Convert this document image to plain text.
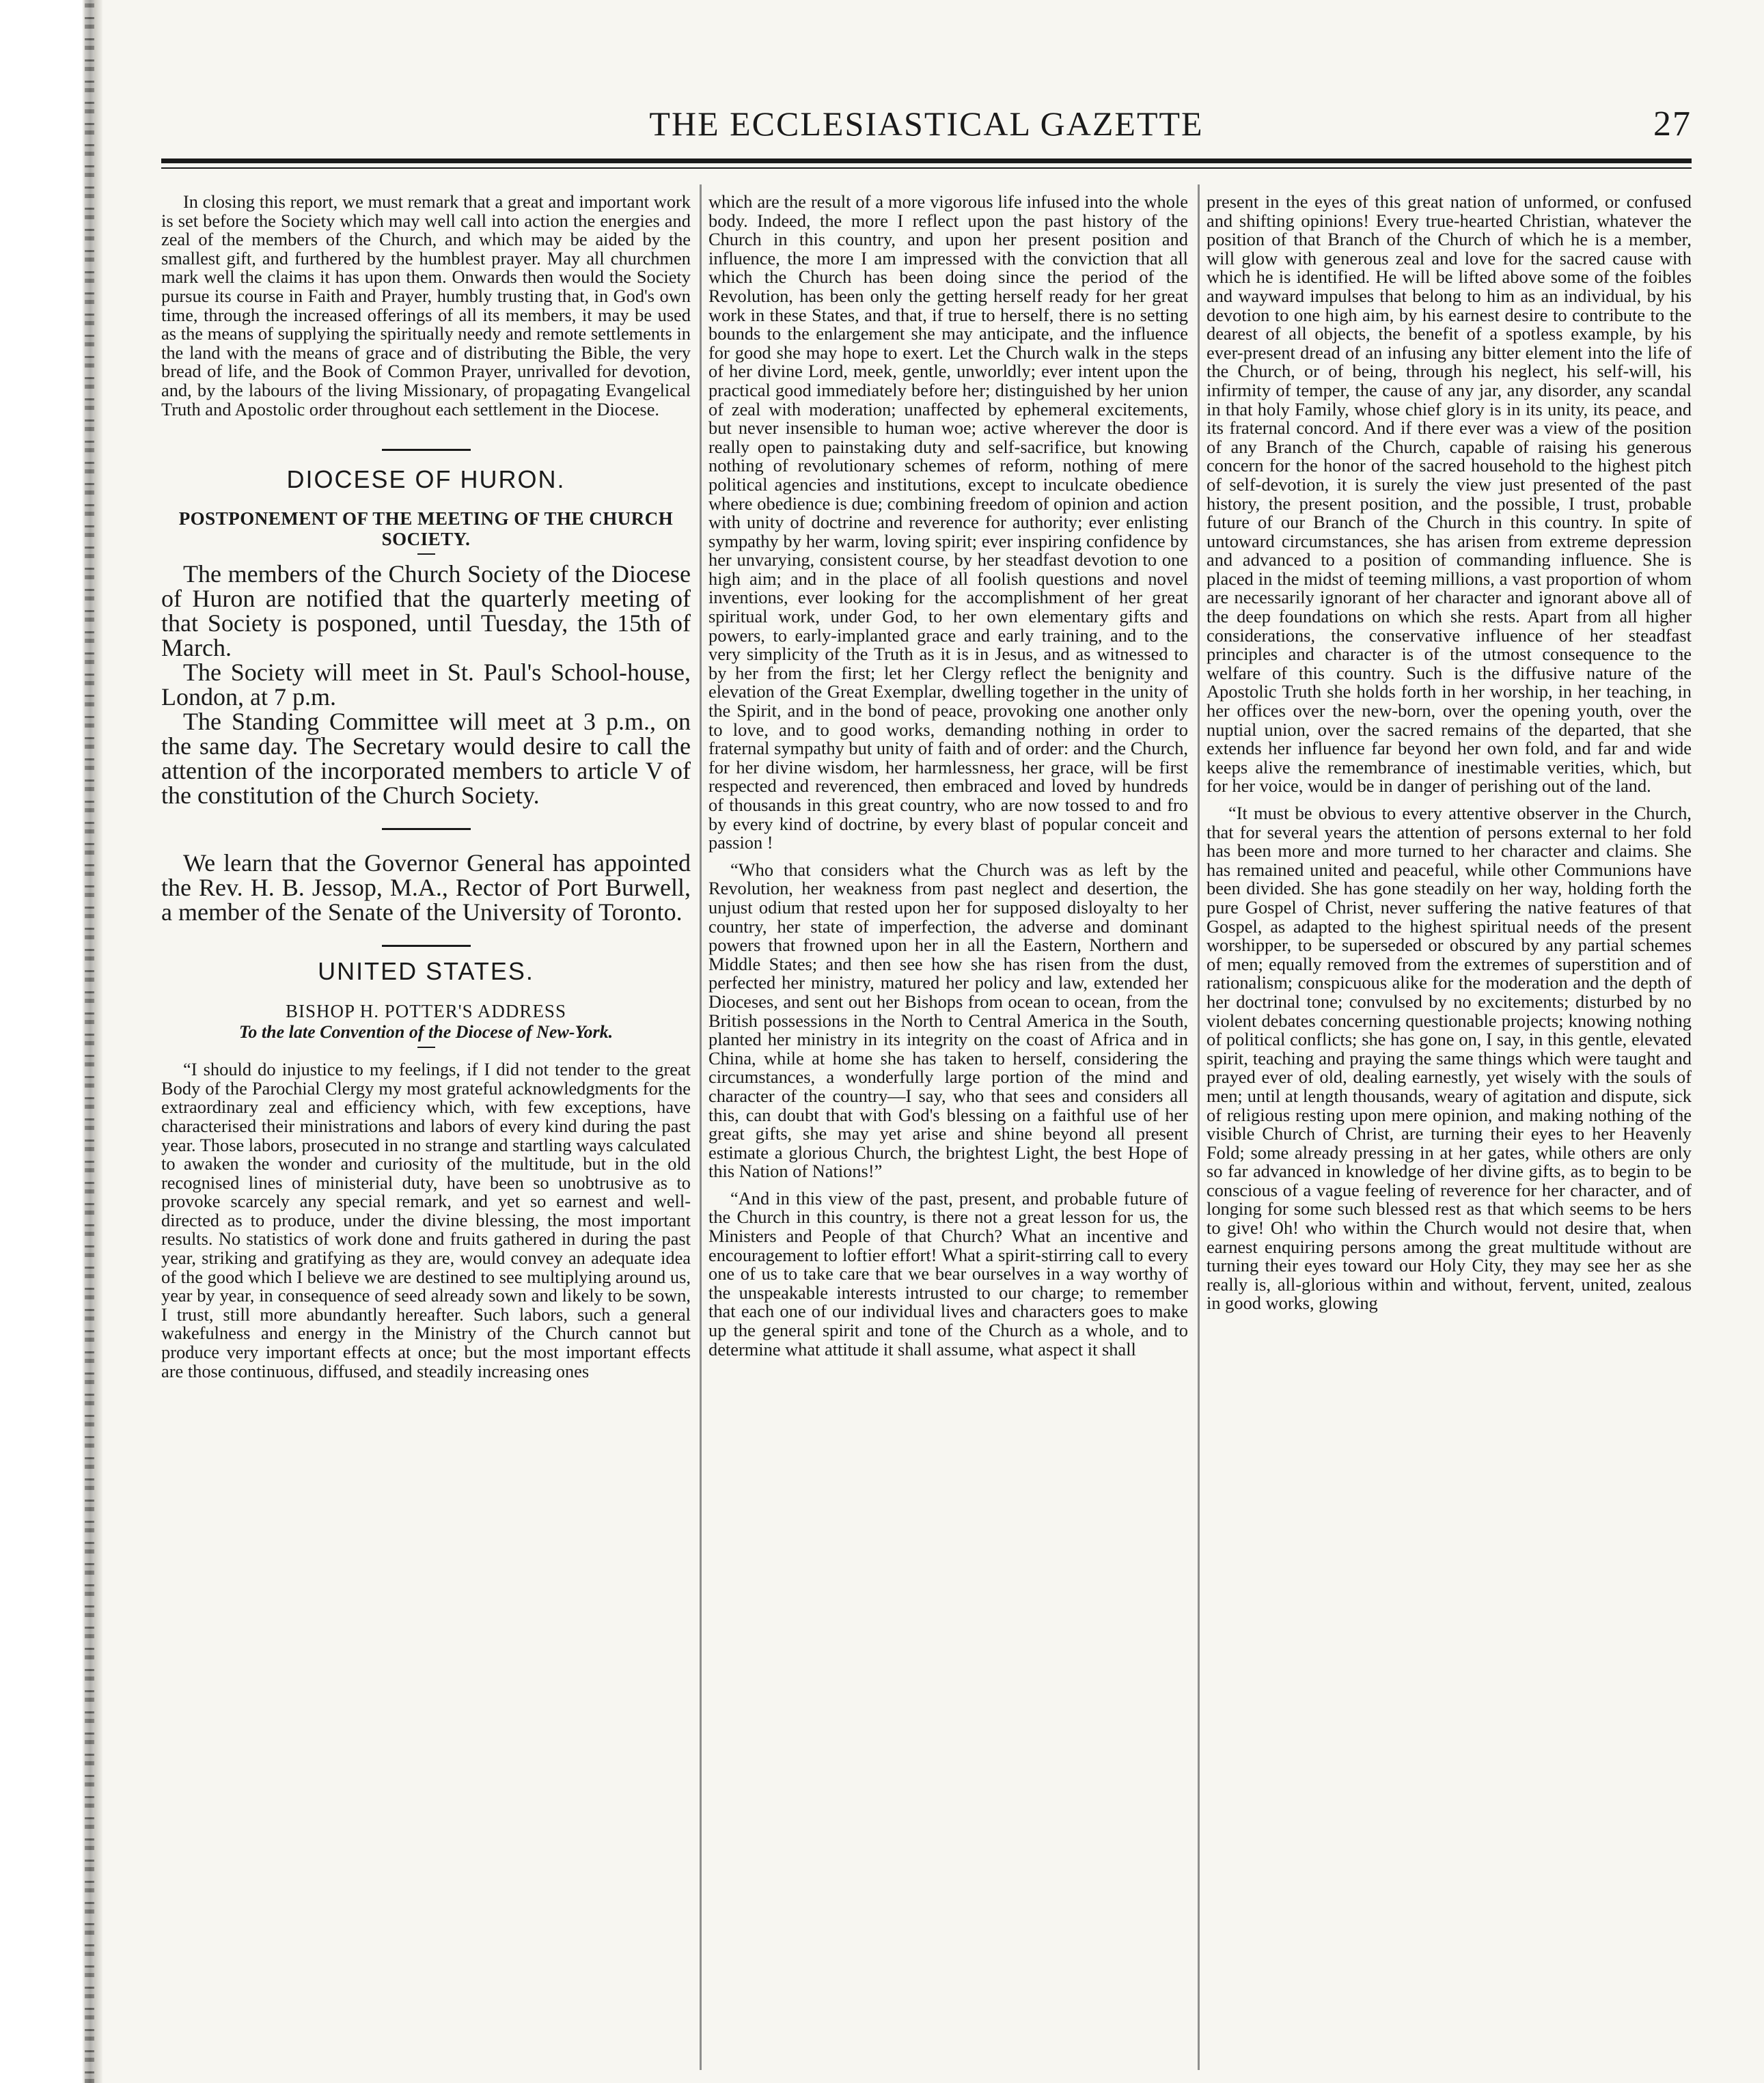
THE ECCLESIASTICAL GAZETTE	27

In closing this report, we must remark that a great and important work is set before the Society which may well call into action the energies and zeal of the members of the Church, and which may be aided by the smallest gift, and furthered by the humblest prayer. May all churchmen mark well the claims it has upon them. Onwards then would the Society pursue its course in Faith and Prayer, humbly trusting that, in God's own time, through the increased offerings of all its members, it may be used as the means of supplying the spiritually needy and remote settlements in the land with the means of grace and of distributing the Bible, the very bread of life, and the Book of Common Prayer, unrivalled for devotion, and, by the labours of the living Missionary, of propagating Evangelical Truth and Apostolic order throughout each settlement in the Diocese.

DIOCESE OF HURON.
POSTPONEMENT OF THE MEETING OF THE CHURCH SOCIETY.

The members of the Church Society of the Diocese of Huron are notified that the quarterly meeting of that Society is posponed, until Tuesday, the 15th of March.

The Society will meet in St. Paul's School-house, London, at 7 p.m.

The Standing Committee will meet at 3 p.m., on the same day. The Secretary would desire to call the attention of the incorporated members to article V of the constitution of the Church Society.

We learn that the Governor General has appointed the Rev. H. B. Jessop, M.A., Rector of Port Burwell, a member of the Senate of the University of Toronto.

UNITED STATES.
BISHOP H. POTTER'S ADDRESS
To the late Convention of the Diocese of New-York.

“I should do injustice to my feelings, if I did not tender to the great Body of the Parochial Clergy my most grateful acknowledgments for the extraordinary zeal and efficiency which, with few exceptions, have characterised their ministrations and labors of every kind during the past year. Those labors, prosecuted in no strange and startling ways calculated to awaken the wonder and curiosity of the multitude, but in the old recognised lines of ministerial duty, have been so unobtrusive as to provoke scarcely any special remark, and yet so earnest and well-directed as to produce, under the divine blessing, the most important results. No statistics of work done and fruits gathered in during the past year, striking and gratifying as they are, would convey an adequate idea of the good which I believe we are destined to see multiplying around us, year by year, in consequence of seed already sown and likely to be sown, I trust, still more abundantly hereafter. Such labors, such a general wakefulness and energy in the Ministry of the Church cannot but produce very important effects at once; but the most important effects are those continuous, diffused, and steadily increasing ones

which are the result of a more vigorous life infused into the whole body. Indeed, the more I reflect upon the past history of the Church in this country, and upon her present position and influence, the more I am impressed with the conviction that all which the Church has been doing since the period of the Revolution, has been only the getting herself ready for her great work in these States, and that, if true to herself, there is no setting bounds to the enlargement she may anticipate, and the influence for good she may hope to exert. Let the Church walk in the steps of her divine Lord, meek, gentle, unworldly; ever intent upon the practical good immediately before her; distinguished by her union of zeal with moderation; unaffected by ephemeral excitements, but never insensible to human woe; active wherever the door is really open to painstaking duty and self-sacrifice, but knowing nothing of revolutionary schemes of reform, nothing of mere political agencies and institutions, except to inculcate obedience where obedience is due; combining freedom of opinion and action with unity of doctrine and reverence for authority; ever enlisting sympathy by her warm, loving spirit; ever inspiring confidence by her unvarying, consistent course, by her steadfast devotion to one high aim; and in the place of all foolish questions and novel inventions, ever looking for the accomplishment of her great spiritual work, under God, to her own elementary gifts and powers, to early-implanted grace and early training, and to the very simplicity of the Truth as it is in Jesus, and as witnessed to by her from the first; let her Clergy reflect the benignity and elevation of the Great Exemplar, dwelling together in the unity of the Spirit, and in the bond of peace, provoking one another only to love, and to good works, demanding nothing in order to fraternal sympathy but unity of faith and of order: and the Church, for her divine wisdom, her harmlessness, her grace, will be first respected and reverenced, then embraced and loved by hundreds of thousands in this great country, who are now tossed to and fro by every kind of doctrine, by every blast of popular conceit and passion !

“Who that considers what the Church was as left by the Revolution, her weakness from past neglect and desertion, the unjust odium that rested upon her for supposed disloyalty to her country, her state of imperfection, the adverse and dominant powers that frowned upon her in all the Eastern, Northern and Middle States; and then see how she has risen from the dust, perfected her ministry, matured her policy and law, extended her Dioceses, and sent out her Bishops from ocean to ocean, from the British possessions in the North to Central America in the South, planted her ministry in its integrity on the coast of Africa and in China, while at home she has taken to herself, considering the circumstances, a wonderfully large portion of the mind and character of the country—I say, who that sees and considers all this, can doubt that with God's blessing on a faithful use of her great gifts, she may yet arise and shine beyond all present estimate a glorious Church, the brightest Light, the best Hope of this Nation of Nations!”

“And in this view of the past, present, and probable future of the Church in this country, is there not a great lesson for us, the Ministers and People of that Church? What an incentive and encouragement to loftier effort! What a spirit-stirring call to every one of us to take care that we bear ourselves in a way worthy of the unspeakable interests intrusted to our charge; to remember that each one of our individual lives and characters goes to make up the general spirit and tone of the Church as a whole, and to determine what attitude it shall assume, what aspect it shall

present in the eyes of this great nation of unformed, or confused and shifting opinions! Every true-hearted Christian, whatever the position of that Branch of the Church of which he is a member, will glow with generous zeal and love for the sacred cause with which he is identified. He will be lifted above some of the foibles and wayward impulses that belong to him as an individual, by his devotion to one high aim, by his earnest desire to contribute to the dearest of all objects, the benefit of a spotless example, by his ever-present dread of an infusing any bitter element into the life of the Church, or of being, through his neglect, his self-will, his infirmity of temper, the cause of any jar, any disorder, any scandal in that holy Family, whose chief glory is in its unity, its peace, and its fraternal concord. And if there ever was a view of the position of any Branch of the Church, capable of raising his generous concern for the honor of the sacred household to the highest pitch of self-devotion, it is surely the view just presented of the past history, the present position, and the possible, I trust, probable future of our Branch of the Church in this country. In spite of untoward circumstances, she has arisen from extreme depression and advanced to a position of commanding influence. She is placed in the midst of teeming millions, a vast proportion of whom are necessarily ignorant of her character and ignorant above all of the deep foundations on which she rests. Apart from all higher considerations, the conservative influence of her steadfast principles and character is of the utmost consequence to the welfare of this country. Such is the diffusive nature of the Apostolic Truth she holds forth in her worship, in her teaching, in her offices over the new-born, over the opening youth, over the nuptial union, over the sacred remains of the departed, that she extends her influence far beyond her own fold, and far and wide keeps alive the remembrance of inestimable verities, which, but for her voice, would be in danger of perishing out of the land.

“It must be obvious to every attentive observer in the Church, that for several years the attention of persons external to her fold has been more and more turned to her character and claims. She has remained united and peaceful, while other Communions have been divided. She has gone steadily on her way, holding forth the pure Gospel of Christ, never suffering the native features of that Gospel, as adapted to the highest spiritual needs of the present worshipper, to be superseded or obscured by any partial schemes of men; equally removed from the extremes of superstition and of rationalism; conspicuous alike for the moderation and the depth of her doctrinal tone; convulsed by no excitements; disturbed by no violent debates concerning questionable projects; knowing nothing of political conflicts; she has gone on, I say, in this gentle, elevated spirit, teaching and praying the same things which were taught and prayed ever of old, dealing earnestly, yet wisely with the souls of men; until at length thousands, weary of agitation and dispute, sick of religious resting upon mere opinion, and making nothing of the visible Church of Christ, are turning their eyes to her Heavenly Fold; some already pressing in at her gates, while others are only so far advanced in knowledge of her divine gifts, as to begin to be conscious of a vague feeling of reverence for her character, and of longing for some such blessed rest as that which seems to be hers to give! Oh! who within the Church would not desire that, when earnest enquiring persons among the great multitude without are turning their eyes toward our Holy City, they may see her as she really is, all-glorious within and without, fervent, united, zealous in good works, glowing
